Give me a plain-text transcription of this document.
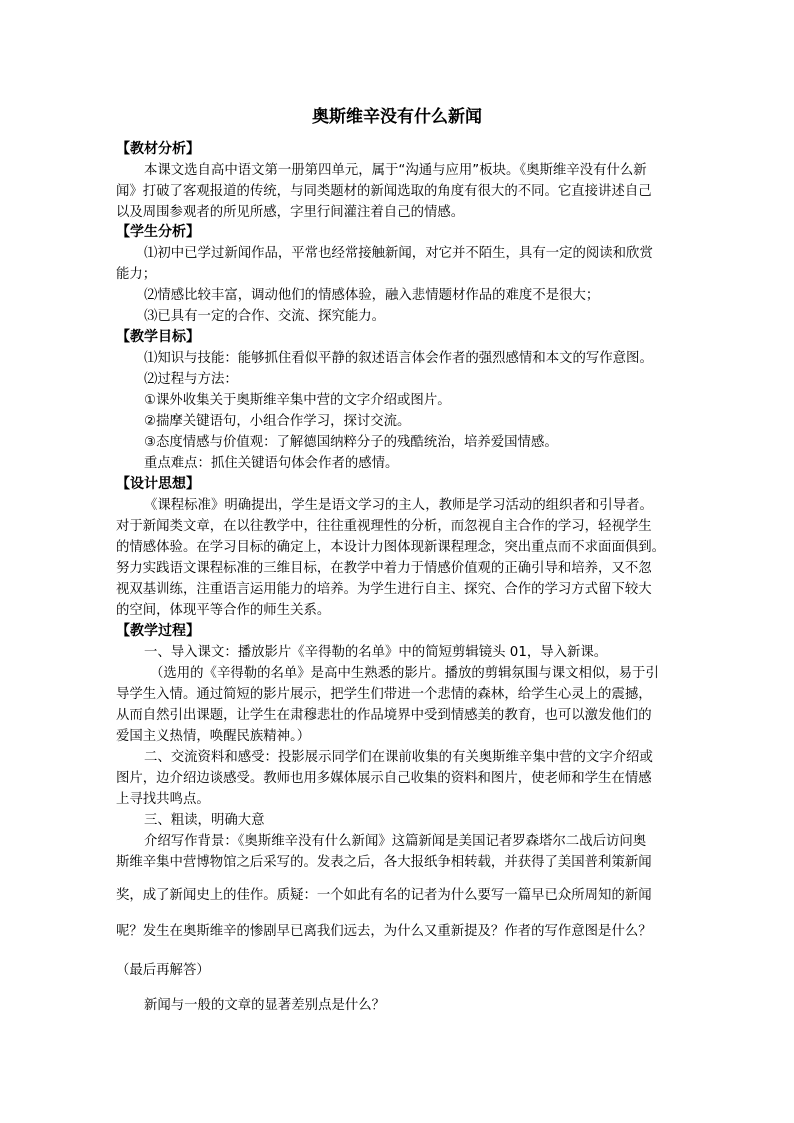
奥斯维辛没有什么新闻
【教材分析】
本课文选自高中语文第一册第四单元，属于“沟通与应用”板块。《奥斯维辛没有什么新
闻》打破了客观报道的传统，与同类题材的新闻选取的角度有很大的不同。它直接讲述自己
以及周围参观者的所见所感，字里行间灌注着自己的情感。
【学生分析】
⑴初中已学过新闻作品，平常也经常接触新闻，对它并不陌生，具有一定的阅读和欣赏
能力；
⑵情感比较丰富，调动他们的情感体验，融入悲情题材作品的难度不是很大；
⑶已具有一定的合作、交流、探究能力。
【教学目标】
⑴知识与技能：能够抓住看似平静的叙述语言体会作者的强烈感情和本文的写作意图。
⑵过程与方法：
①课外收集关于奥斯维辛集中营的文字介绍或图片。
②揣摩关键语句，小组合作学习，探讨交流。
③态度情感与价值观：了解德国纳粹分子的残酷统治，培养爱国情感。
重点难点：抓住关键语句体会作者的感情。
【设计思想】
《课程标准》明确提出，学生是语文学习的主人，教师是学习活动的组织者和引导者。
对于新闻类文章，在以往教学中，往往重视理性的分析，而忽视自主合作的学习，轻视学生
的情感体验。在学习目标的确定上，本设计力图体现新课程理念，突出重点而不求面面俱到。
努力实践语文课程标准的三维目标，在教学中着力于情感价值观的正确引导和培养，又不忽
视双基训练，注重语言运用能力的培养。为学生进行自主、探究、合作的学习方式留下较大
的空间，体现平等合作的师生关系。
【教学过程】
一、导入课文：播放影片《辛得勒的名单》中的简短剪辑镜头 01，导入新课。
（选用的《辛得勒的名单》是高中生熟悉的影片。播放的剪辑氛围与课文相似，易于引
导学生入情。通过简短的影片展示，把学生们带进一个悲情的森林，给学生心灵上的震撼，
从而自然引出课题，让学生在肃穆悲壮的作品境界中受到情感美的教育，也可以激发他们的
爱国主义热情，唤醒民族精神。）
二、交流资料和感受：投影展示同学们在课前收集的有关奥斯维辛集中营的文字介绍或
图片，边介绍边谈感受。教师也用多媒体展示自己收集的资料和图片，使老师和学生在情感
上寻找共鸣点。
三、粗读，明确大意
介绍写作背景：《奥斯维辛没有什么新闻》这篇新闻是美国记者罗森塔尔二战后访问奥
斯维辛集中营博物馆之后采写的。发表之后，各大报纸争相转载，并获得了美国普利策新闻
奖，成了新闻史上的佳作。质疑：一个如此有名的记者为什么要写一篇早已众所周知的新闻
呢？发生在奥斯维辛的惨剧早已离我们远去，为什么又重新提及？作者的写作意图是什么？
（最后再解答）
新闻与一般的文章的显著差别点是什么？
